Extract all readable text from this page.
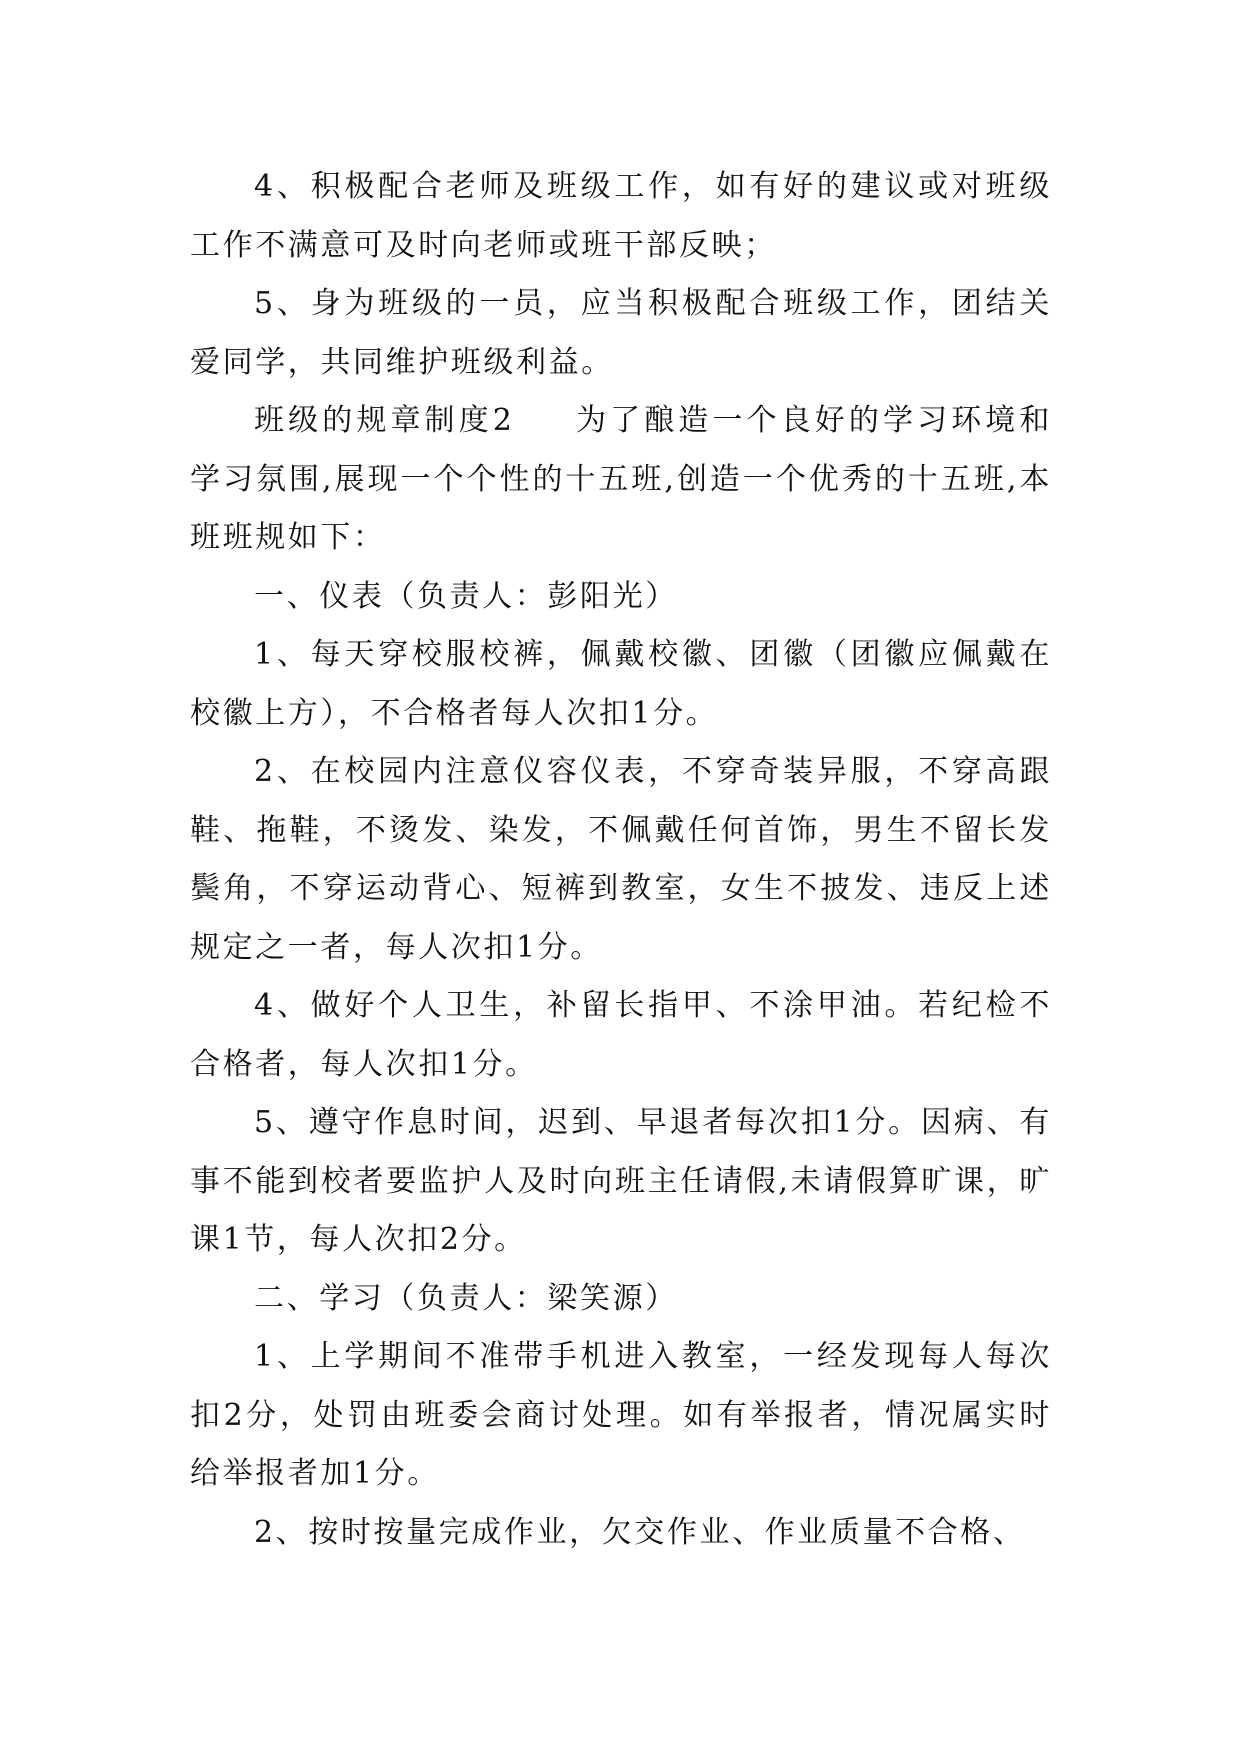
4、积极配合老师及班级工作，如有好的建议或对班级工作不满意可及时向老师或班干部反映；

5、身为班级的一员，应当积极配合班级工作，团结关爱同学，共同维护班级利益。

班级的规章制度2 为了酿造一个良好的学习环境和学习氛围,展现一个个性的十五班,创造一个优秀的十五班,本班班规如下：

一、仪表（负责人：彭阳光）

1、每天穿校服校裤，佩戴校徽、团徽（团徽应佩戴在校徽上方），不合格者每人次扣1分。

2、在校园内注意仪容仪表，不穿奇装异服，不穿高跟鞋、拖鞋，不烫发、染发，不佩戴任何首饰，男生不留长发鬓角，不穿运动背心、短裤到教室，女生不披发、违反上述规定之一者，每人次扣1分。

4、做好个人卫生，补留长指甲、不涂甲油。若纪检不合格者，每人次扣1分。

5、遵守作息时间，迟到、早退者每次扣1分。因病、有事不能到校者要监护人及时向班主任请假,未请假算旷课，旷课1节，每人次扣2分。

二、学习（负责人：梁笑源）

1、上学期间不准带手机进入教室，一经发现每人每次扣2分，处罚由班委会商讨处理。如有举报者，情况属实时给举报者加1分。

2、按时按量完成作业，欠交作业、作业质量不合格、
